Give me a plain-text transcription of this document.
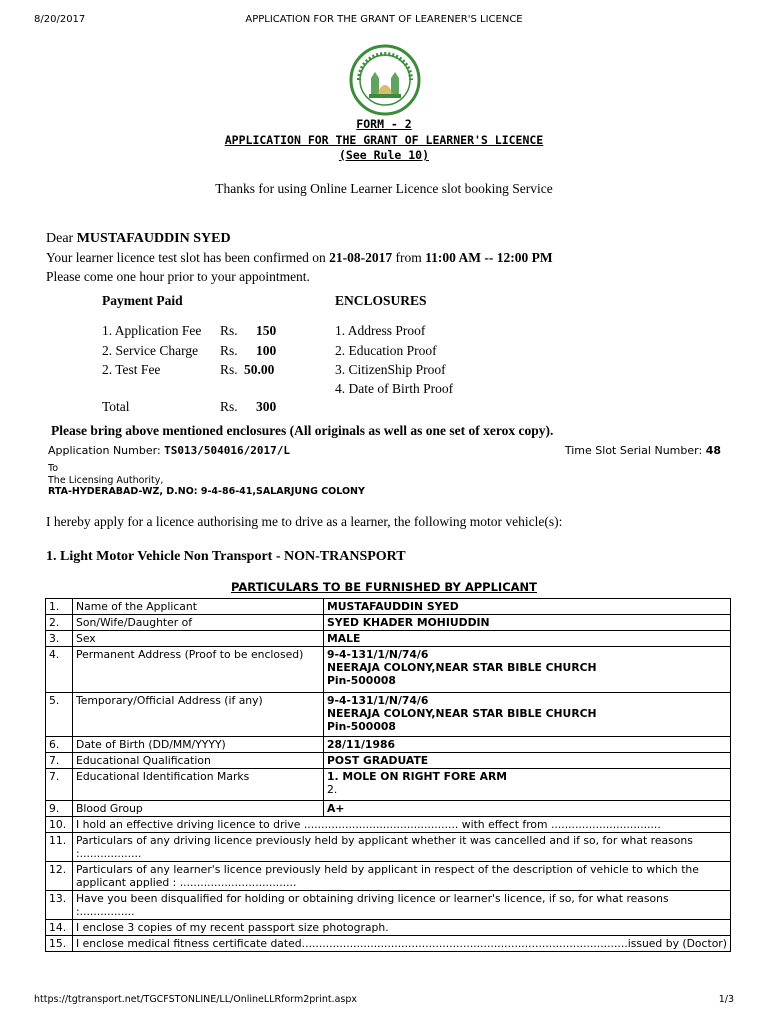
8/20/2017	APPLICATION FOR THE GRANT OF LEARENER'S LICENCE
FORM - 2
APPLICATION FOR THE GRANT OF LEARNER'S LICENCE
(See Rule 10)
Thanks for using Online Learner Licence slot booking Service
Dear MUSTAFAUDDIN SYED
Your learner licence test slot has been confirmed on 21-08-2017 from 11:00 AM -- 12:00 PM
Please come one hour prior to your appointment.
Payment Paid	ENCLOSURES
1. Application Fee	Rs. 150
2. Service Charge	Rs. 100
2. Test Fee	Rs. 50.00
Total	Rs. 300
1. Address Proof
2. Education Proof
3. CitizenShip Proof
4. Date of Birth Proof
Please bring above mentioned enclosures (All originals as well as one set of xerox copy).
Application Number: TS013/504016/2017/L	Time Slot Serial Number: 48
To
The Licensing Authority,
RTA-HYDERABAD-WZ, D.NO: 9-4-86-41,SALARJUNG COLONY
I hereby apply for a licence authorising me to drive as a learner, the following motor vehicle(s):
1. Light Motor Vehicle Non Transport - NON-TRANSPORT
PARTICULARS TO BE FURNISHED BY APPLICANT
1.	Name of the Applicant	MUSTAFAUDDIN SYED
2.	Son/Wife/Daughter of	SYED KHADER MOHIUDDIN
3.	Sex	MALE
4.	Permanent Address (Proof to be enclosed)	9-4-131/1/N/74/6
NEERAJA COLONY,NEAR STAR BIBLE CHURCH
Pin-500008

5.	Temporary/Official Address (if any)	9-4-131/1/N/74/6
NEERAJA COLONY,NEAR STAR BIBLE CHURCH
Pin-500008

6.	Date of Birth (DD/MM/YYYY)	28/11/1986
7.	Educational Qualification	POST GRADUATE
7.	Educational Identification Marks	1. MOLE ON RIGHT FORE ARM
2.

9.	Blood Group	A+
10.	I hold an effective driving licence to drive ............................................. with effect from ................................	
11.	Particulars of any driving licence previously held by applicant whether it was cancelled and if so, for what reasons :..................	
12.	Particulars of any learner's licence previously held by applicant in respect of the description of vehicle to which the applicant applied : ..................................	
13.	Have you been disqualified for holding or obtaining driving licence or learner's licence, if so, for what reasons :................	
14.	I enclose 3 copies of my recent passport size photograph.	
15.	I enclose medical fitness certificate dated...............................................................................................issued by (Doctor)	
https://tgtransport.net/TGCFSTONLINE/LL/OnlineLLRform2print.aspx	1/3
